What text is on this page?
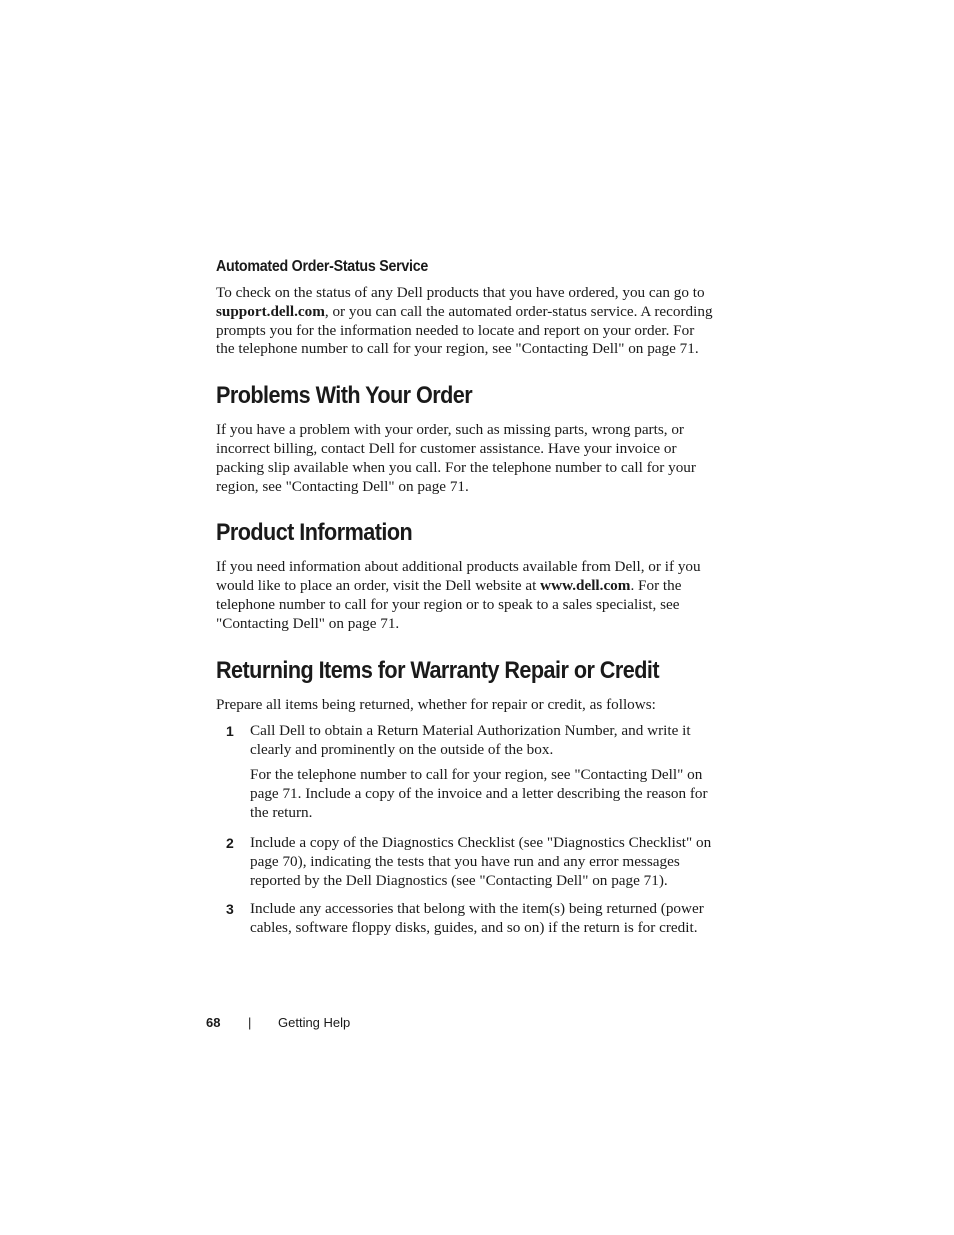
Automated Order-Status Service

To check on the status of any Dell products that you have ordered, you can go to support.dell.com, or you can call the automated order-status service. A recording prompts you for the information needed to locate and report on your order. For the telephone number to call for your region, see "Contacting Dell" on page 71.

Problems With Your Order

If you have a problem with your order, such as missing parts, wrong parts, or incorrect billing, contact Dell for customer assistance. Have your invoice or packing slip available when you call. For the telephone number to call for your region, see "Contacting Dell" on page 71.

Product Information

If you need information about additional products available from Dell, or if you would like to place an order, visit the Dell website at www.dell.com. For the telephone number to call for your region or to speak to a sales specialist, see "Contacting Dell" on page 71.

Returning Items for Warranty Repair or Credit

Prepare all items being returned, whether for repair or credit, as follows:

1 Call Dell to obtain a Return Material Authorization Number, and write it clearly and prominently on the outside of the box.

For the telephone number to call for your region, see "Contacting Dell" on page 71. Include a copy of the invoice and a letter describing the reason for the return.

2 Include a copy of the Diagnostics Checklist (see "Diagnostics Checklist" on page 70), indicating the tests that you have run and any error messages reported by the Dell Diagnostics (see "Contacting Dell" on page 71).

3 Include any accessories that belong with the item(s) being returned (power cables, software floppy disks, guides, and so on) if the return is for credit.

68 | Getting Help
